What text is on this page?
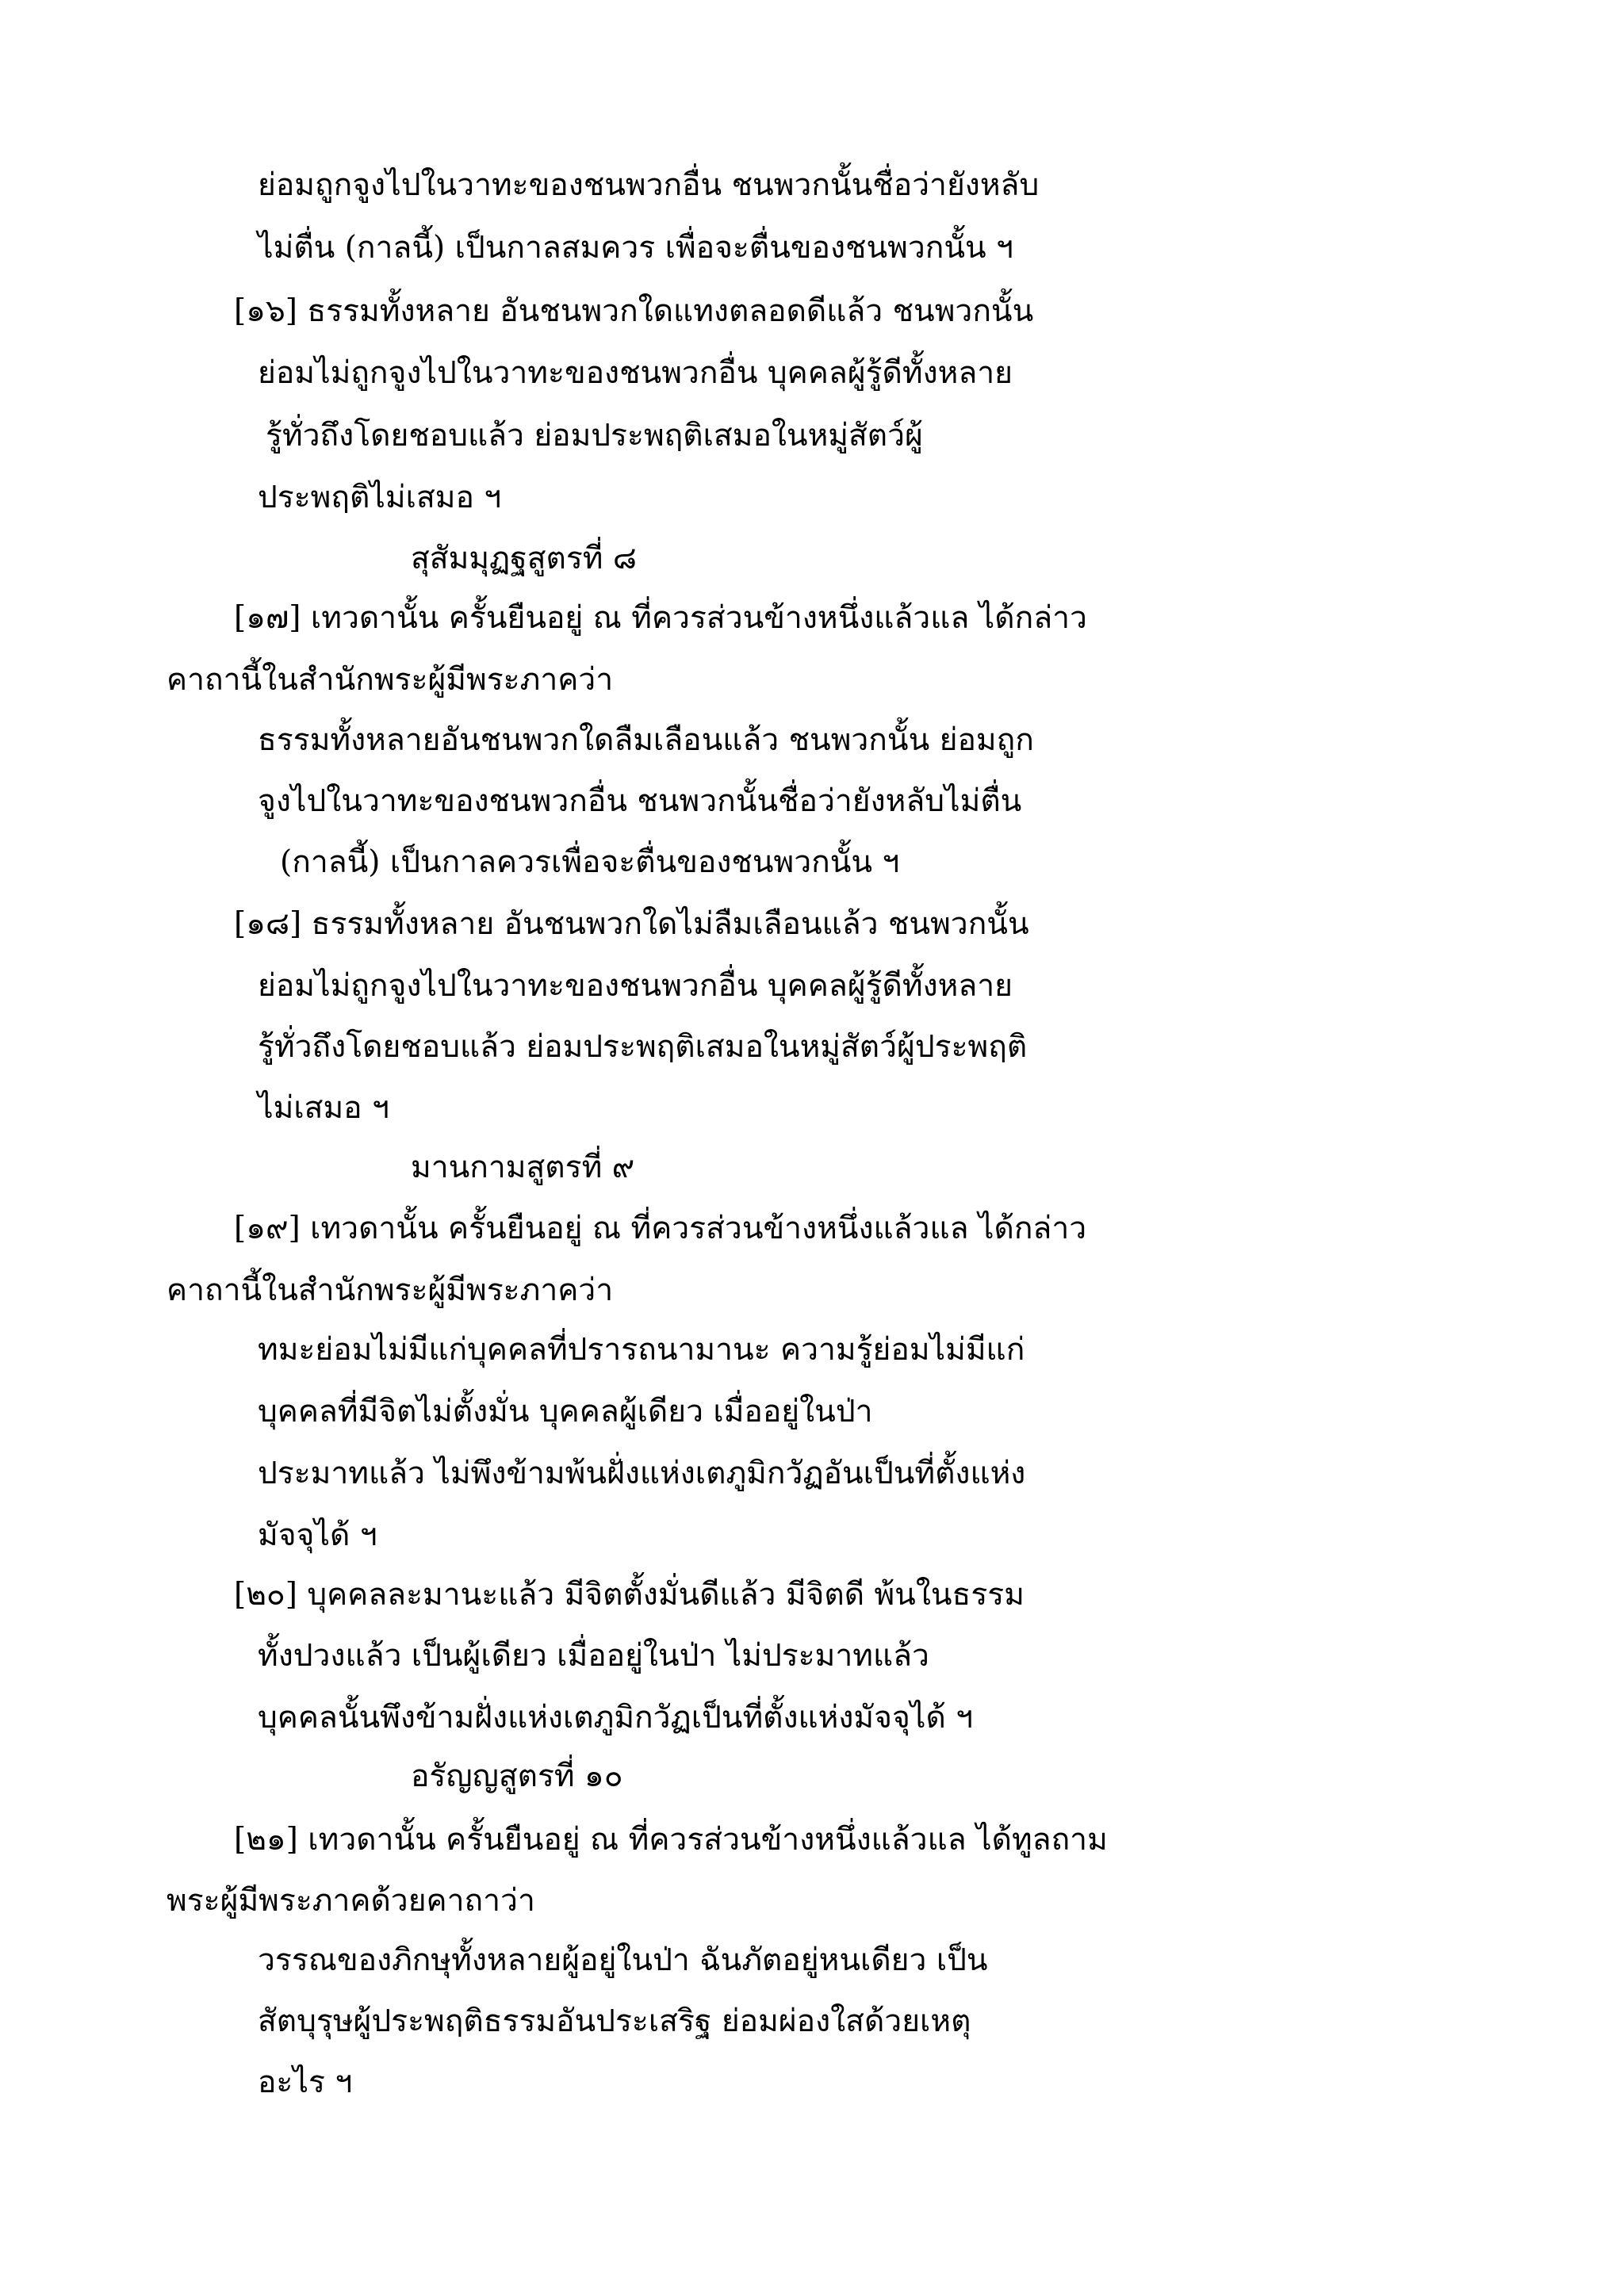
ย่อมถูกจูงไปในวาทะของชนพวกอื่น ชนพวกนั้นชื่อว่ายังหลับ
ไม่ตื่น (กาลนี้) เป็นกาลสมควร เพื่อจะตื่นของชนพวกนั้น ฯ
[๑๖] ธรรมทั้งหลาย อันชนพวกใดแทงตลอดดีแล้ว ชนพวกนั้น
ย่อมไม่ถูกจูงไปในวาทะของชนพวกอื่น บุคคลผู้รู้ดีทั้งหลาย
รู้ทั่วถึงโดยชอบแล้ว ย่อมประพฤติเสมอในหมู่สัตว์ผู้
ประพฤติไม่เสมอ ฯ
สุสัมมุฏฐสูตรที่ ๘
[๑๗] เทวดานั้น ครั้นยืนอยู่ ณ ที่ควรส่วนข้างหนึ่งแล้วแล ได้กล่าว
คาถานี้ในสำนักพระผู้มีพระภาคว่า
ธรรมทั้งหลายอันชนพวกใดลืมเลือนแล้ว ชนพวกนั้น ย่อมถูก
จูงไปในวาทะของชนพวกอื่น ชนพวกนั้นชื่อว่ายังหลับไม่ตื่น
(กาลนี้) เป็นกาลควรเพื่อจะตื่นของชนพวกนั้น ฯ
[๑๘] ธรรมทั้งหลาย อันชนพวกใดไม่ลืมเลือนแล้ว ชนพวกนั้น
ย่อมไม่ถูกจูงไปในวาทะของชนพวกอื่น บุคคลผู้รู้ดีทั้งหลาย
รู้ทั่วถึงโดยชอบแล้ว ย่อมประพฤติเสมอในหมู่สัตว์ผู้ประพฤติ
ไม่เสมอ ฯ
มานกามสูตรที่ ๙
[๑๙] เทวดานั้น ครั้นยืนอยู่ ณ ที่ควรส่วนข้างหนึ่งแล้วแล ได้กล่าว
คาถานี้ในสำนักพระผู้มีพระภาคว่า
ทมะย่อมไม่มีแก่บุคคลที่ปรารถนามานะ ความรู้ย่อมไม่มีแก่
บุคคลที่มีจิตไม่ตั้งมั่น บุคคลผู้เดียว เมื่ออยู่ในป่า
ประมาทแล้ว ไม่พึงข้ามพ้นฝั่งแห่งเตภูมิกวัฏอันเป็นที่ตั้งแห่ง
มัจจุได้ ฯ
[๒๐] บุคคลละมานะแล้ว มีจิตตั้งมั่นดีแล้ว มีจิตดี พ้นในธรรม
ทั้งปวงแล้ว เป็นผู้เดียว เมื่ออยู่ในป่า ไม่ประมาทแล้ว
บุคคลนั้นพึงข้ามฝั่งแห่งเตภูมิกวัฏเป็นที่ตั้งแห่งมัจจุได้ ฯ
อรัญญสูตรที่ ๑๐
[๒๑] เทวดานั้น ครั้นยืนอยู่ ณ ที่ควรส่วนข้างหนึ่งแล้วแล ได้ทูลถาม
พระผู้มีพระภาคด้วยคาถาว่า
วรรณของภิกษุทั้งหลายผู้อยู่ในป่า ฉันภัตอยู่หนเดียว เป็น
สัตบุรุษผู้ประพฤติธรรมอันประเสริฐ ย่อมผ่องใสด้วยเหตุ
อะไร ฯ
